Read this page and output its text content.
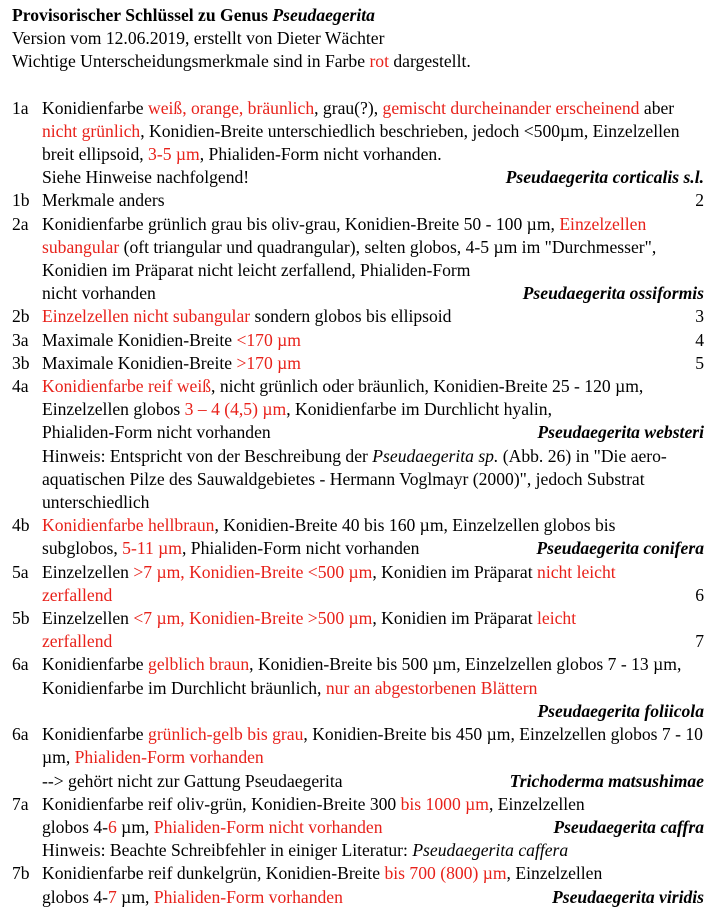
Provisorischer Schlüssel zu Genus Pseudaegerita
Version vom 12.06.2019, erstellt von Dieter Wächter
Wichtige Unterscheidungsmerkmale sind in Farbe rot dargestellt.
1a Konidienfarbe weiß, orange, bräunlich, grau(?), gemischt durcheinander erscheinend aber nicht grünlich, Konidien-Breite unterschiedlich beschrieben, jedoch <500µm, Einzelzellen breit ellipsoid, 3-5 µm, Phialiden-Form nicht vorhanden.
Siehe Hinweise nachfolgend!	Pseudaegerita corticalis s.l.
1b Merkmale anders	2
2a Konidienfarbe grünlich grau bis oliv-grau, Konidien-Breite 50 - 100 µm, Einzelzellen subangular (oft triangular und quadrangular), selten globos, 4-5 µm im "Durchmesser", Konidien im Präparat nicht leicht zerfallend, Phialiden-Form
nicht vorhanden	Pseudaegerita ossiformis
2b Einzelzellen nicht subangular sondern globos bis ellipsoid	3
3a Maximale Konidien-Breite <170 µm	4
3b Maximale Konidien-Breite >170 µm	5
4a Konidienfarbe reif weiß, nicht grünlich oder bräunlich, Konidien-Breite 25 - 120 µm, Einzelzellen globos 3 – 4 (4,5) µm, Konidienfarbe im Durchlicht hyalin,
Phialiden-Form nicht vorhanden	Pseudaegerita websteri
Hinweis: Entspricht von der Beschreibung der Pseudaegerita sp. (Abb. 26) in "Die aero-aquatischen Pilze des Sauwaldgebietes - Hermann Voglmayr (2000)", jedoch Substrat unterschiedlich
4b Konidienfarbe hellbraun, Konidien-Breite 40 bis 160 µm, Einzelzellen globos bis
subglobos, 5-11 µm, Phialiden-Form nicht vorhanden	Pseudaegerita conifera
5a Einzelzellen >7 µm, Konidien-Breite <500 µm, Konidien im Präparat nicht leicht
zerfallend	6
5b Einzelzellen <7 µm, Konidien-Breite >500 µm, Konidien im Präparat leicht
zerfallend	7
6a Konidienfarbe gelblich braun, Konidien-Breite bis 500 µm, Einzelzellen globos 7 - 13 µm, Konidienfarbe im Durchlicht bräunlich, nur an abgestorbenen Blättern
Pseudaegerita foliicola
6a Konidienfarbe grünlich-gelb bis grau, Konidien-Breite bis 450 µm, Einzelzellen globos 7 - 10 µm, Phialiden-Form vorhanden
--> gehört nicht zur Gattung Pseudaegerita	Trichoderma matsushimae
7a Konidienfarbe reif oliv-grün, Konidien-Breite 300 bis 1000 µm, Einzelzellen
globos 4-6 µm, Phialiden-Form nicht vorhanden	Pseudaegerita caffra
Hinweis: Beachte Schreibfehler in einiger Literatur: Pseudaegerita caffera
7b Konidienfarbe reif dunkelgrün, Konidien-Breite bis 700 (800) µm, Einzelzellen
globos 4-7 µm, Phialiden-Form vorhanden	Pseudaegerita viridis
